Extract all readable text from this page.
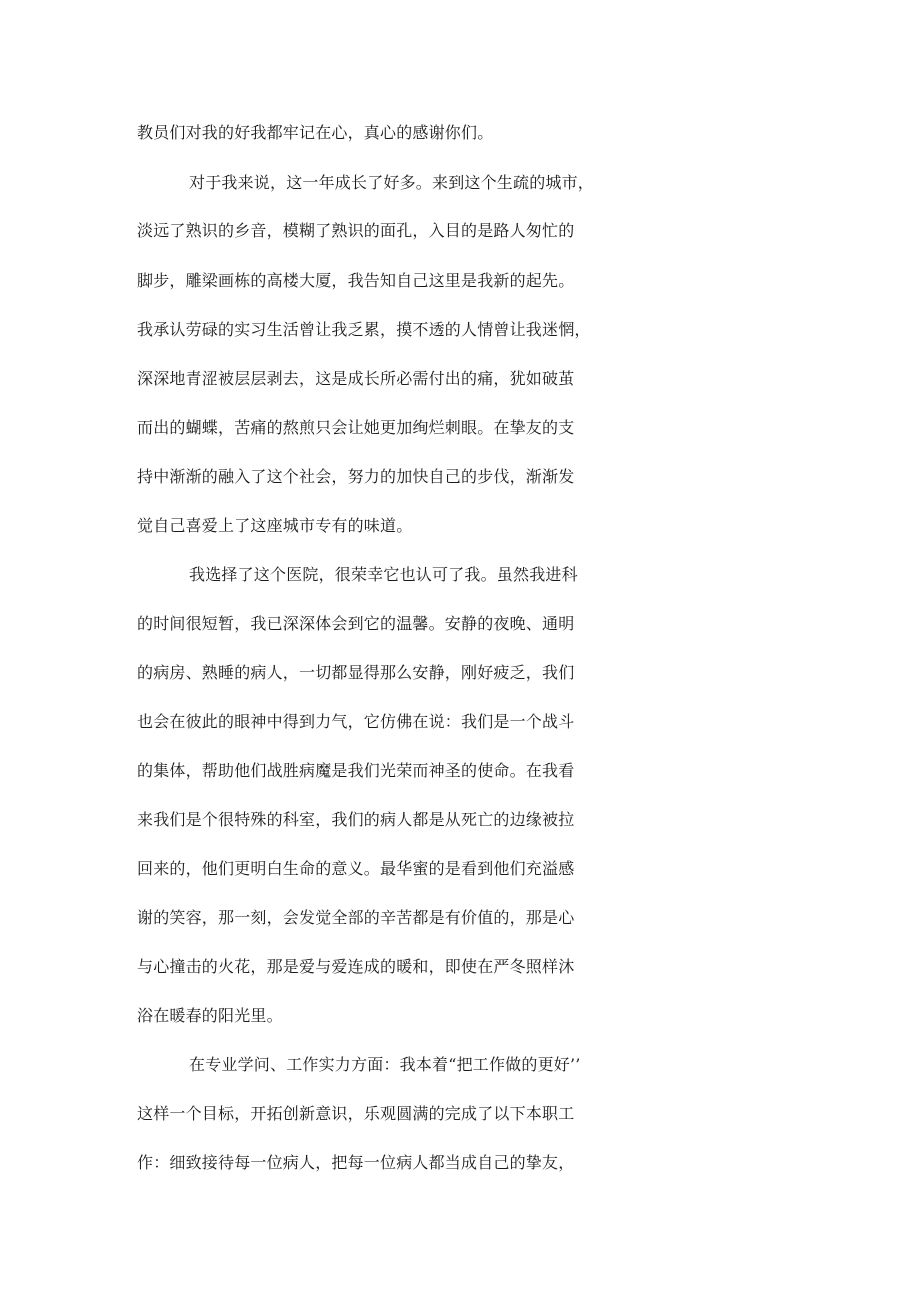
教员们对我的好我都牢记在心，真心的感谢你们。
对于我来说，这一年成长了好多。来到这个生疏的城市，
淡远了熟识的乡音，模糊了熟识的面孔，入目的是路人匆忙的
脚步，雕梁画栋的高楼大厦，我告知自己这里是我新的起先。
我承认劳碌的实习生活曾让我乏累，摸不透的人情曾让我迷惘，
深深地青涩被层层剥去，这是成长所必需付出的痛，犹如破茧
而出的蝴蝶，苦痛的熬煎只会让她更加绚烂刺眼。在挚友的支
持中渐渐的融入了这个社会，努力的加快自己的步伐，渐渐发
觉自己喜爱上了这座城市专有的味道。
我选择了这个医院，很荣幸它也认可了我。虽然我进科
的时间很短暂，我已深深体会到它的温馨。安静的夜晚、通明
的病房、熟睡的病人，一切都显得那么安静，刚好疲乏，我们
也会在彼此的眼神中得到力气，它仿佛在说：我们是一个战斗
的集体，帮助他们战胜病魔是我们光荣而神圣的使命。在我看
来我们是个很特殊的科室，我们的病人都是从死亡的边缘被拉
回来的，他们更明白生命的意义。最华蜜的是看到他们充溢感
谢的笑容，那一刻，会发觉全部的辛苦都是有价值的，那是心
与心撞击的火花，那是爱与爱连成的暖和，即使在严冬照样沐
浴在暖春的阳光里。
在专业学问、工作实力方面：我本着“把工作做的更好’’
这样一个目标，开拓创新意识，乐观圆满的完成了以下本职工
作：细致接待每一位病人，把每一位病人都当成自己的挚友，
